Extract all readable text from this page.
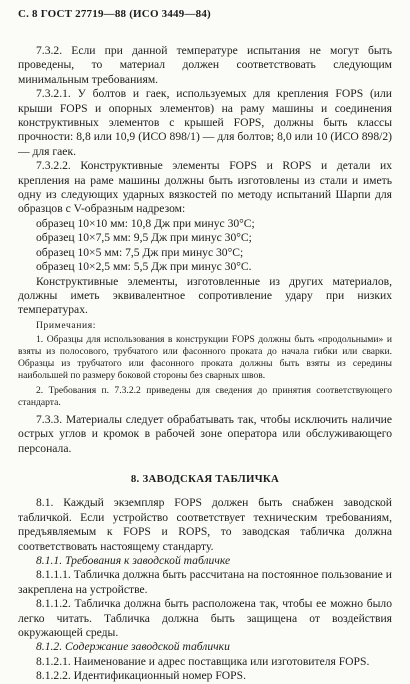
С. 8 ГОСТ 27719—88 (ИСО 3449—84)

7.3.2. Если при данной температуре испытания не могут быть проведены, то материал должен соответствовать следующим минимальным требованиям.

7.3.2.1. У болтов и гаек, используемых для крепления FOPS (или крыши FOPS и опорных элементов) на раму машины и соединения конструктивных элементов с крышей FOPS, должны быть классы прочности: 8,8 или 10,9 (ИСО 898/1) — для болтов; 8,0 или 10 (ИСО 898/2) — для гаек.

7.3.2.2. Конструктивные элементы FOPS и ROPS и детали их крепления на раме машины должны быть изготовлены из стали и иметь одну из следующих ударных вязкостей по методу испытаний Шарпи для образцов с V-образным надрезом:

образец 10×10 мм: 10,8 Дж при минус 30°С;

образец 10×7,5 мм: 9,5 Дж при минус 30°С;

образец 10×5 мм: 7,5 Дж при минус 30°С;

образец 10×2,5 мм: 5,5 Дж при минус 30°С.

Конструктивные элементы, изготовленные из других материалов, должны иметь эквивалентное сопротивление удару при низких температурах.

Примечания:

1. Образцы для использования в конструкции FOPS должны быть «продольными» и взяты из полосового, трубчатого или фасонного проката до начала гибки или сварки. Образцы из трубчатого или фасонного проката должны быть взяты из середины наибольшей по размеру боковой стороны без сварных швов.

2. Требования п. 7.3.2.2 приведены для сведения до принятия соответствующего стандарта.

7.3.3. Материалы следует обрабатывать так, чтобы исключить наличие острых углов и кромок в рабочей зоне оператора или обслуживающего персонала.

8. ЗАВОДСКАЯ ТАБЛИЧКА

8.1. Каждый экземпляр FOPS должен быть снабжен заводской табличкой. Если устройство соответствует техническим требованиям, предъявляемым к FOPS и ROPS, то заводская табличка должна соответствовать настоящему стандарту.

8.1.1. Требования к заводской табличке

8.1.1.1. Табличка должна быть рассчитана на постоянное пользование и закреплена на устройстве.

8.1.1.2. Табличка должна быть расположена так, чтобы ее можно было легко читать. Табличка должна быть защищена от воздействия окружающей среды.

8.1.2. Содержание заводской таблички

8.1.2.1. Наименование и адрес поставщика или изготовителя FOPS.

8.1.2.2. Идентификационный номер FOPS.
